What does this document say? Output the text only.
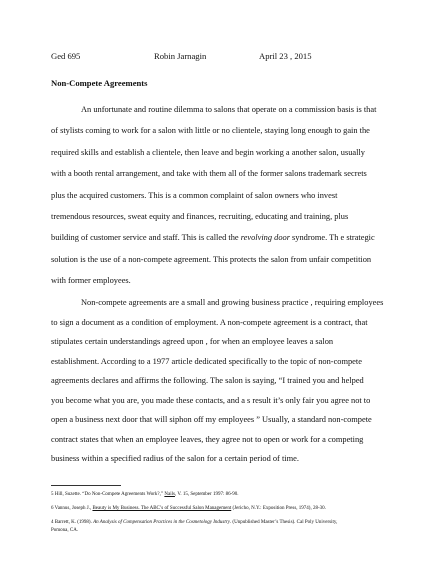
Ged 695	Robin Jarnagin	April 23 , 2015
Non-Compete Agreements
An unfortunate and routine dilemma to salons that operate on a commission basis is that
of stylists coming to work for a salon with little or no clientele, staying long enough to gain the
required skills and establish a clientele, then leave and begin working a another salon, usually
with a booth rental arrangement, and take with them all of the former salons trademark secrets
plus the acquired customers. This is a common complaint of salon owners who invest
tremendous resources, sweat equity and finances, recruiting, educating and training, plus
building of customer service and staff. This is called the revolving door syndrome. Th e strategic
solution is the use of a non-compete agreement. This protects the salon from unfair competition
with former employees.
Non-compete agreements are a small and growing business practice , requiring employees
to sign a document as a condition of employment. A non-compete agreement is a contract, that
stipulates certain understandings agreed upon , for when an employee leaves a salon
establishment. According to a 1977 article dedicated specifically to the topic of non-compete
agreements declares and affirms the following. The salon is saying, “I trained you and helped
you become what you are, you made these contacts, and a s result it’s only fair you agree not to
open a business next door that will siphon off my employees ” Usually, a standard non-compete
contract states that when an employee leaves, they agree not to open or work for a competing
business within a specified radius of the salon for a certain period of time.
5 Hill, Suzette. “Do Non-Compete Agreements Work?,” Nails, V. 15, September 1997: 86-90.
6 Vannus, Joseph J., Beauty is My Business. The ABC’s of Successful Salon Management (Jericho, N.Y.: Exposition Press, 1974), 28-30.
4 Barrett, K. (1998). An Analysis of Compensation Practices in the Cosmetology Industry. (Unpublished Master’s Thesis). Cal Poly University,
Pomona, CA.
